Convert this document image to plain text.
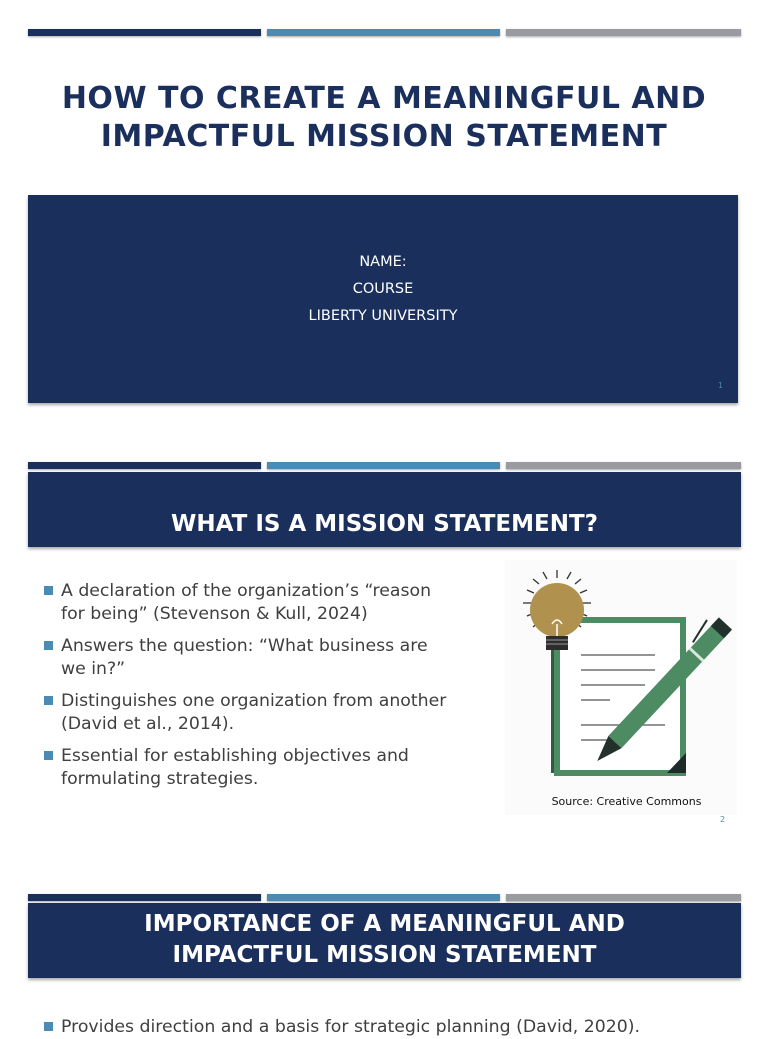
HOW TO CREATE A MEANINGFUL AND
IMPACTFUL MISSION STATEMENT
NAME:
COURSE
LIBERTY UNIVERSITY
1
WHAT IS A MISSION STATEMENT?
A declaration of the organization’s “reason
for being” (Stevenson & Kull, 2024)
Answers the question: “What business are
we in?”
Distinguishes one organization from another
(David et al., 2014).
Essential for establishing objectives and
formulating strategies.
Source: Creative Commons
2
IMPORTANCE OF A MEANINGFUL AND
IMPACTFUL MISSION STATEMENT
Provides direction and a basis for strategic planning (David, 2020).
